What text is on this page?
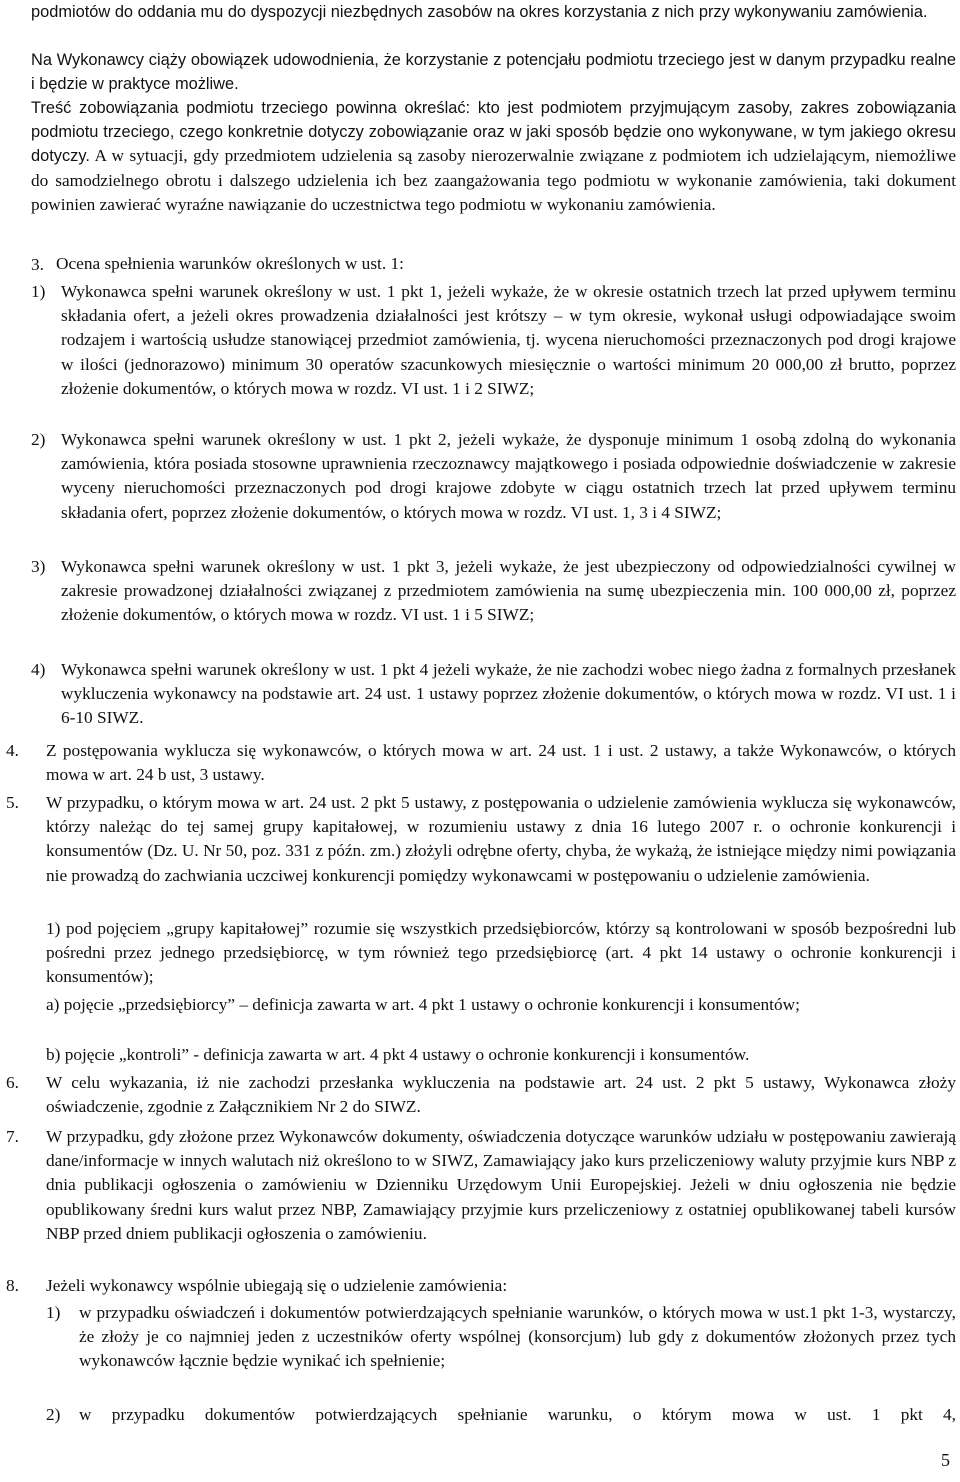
podmiotów do oddania mu do dyspozycji niezbędnych zasobów na okres korzystania z nich przy wykonywaniu zamówienia.

Na Wykonawcy ciąży obowiązek udowodnienia, że korzystanie z potencjału podmiotu trzeciego jest w danym przypadku realne i będzie w praktyce możliwe.

Treść zobowiązania podmiotu trzeciego powinna określać: kto jest podmiotem przyjmującym zasoby, zakres zobowiązania podmiotu trzeciego, czego konkretnie dotyczy zobowiązanie oraz w jaki sposób będzie ono wykonywane, w tym jakiego okresu dotyczy. A w sytuacji, gdy przedmiotem udzielenia są zasoby nierozerwalnie związane z podmiotem ich udzielającym, niemożliwe do samodzielnego obrotu i dalszego udzielenia ich bez zaangażowania tego podmiotu w wykonanie zamówienia, taki dokument powinien zawierać wyraźne nawiązanie do uczestnictwa tego podmiotu w wykonaniu zamówienia.

3. Ocena spełnienia warunków określonych w ust. 1:

1) Wykonawca spełni warunek określony w ust. 1 pkt 1, jeżeli wykaże, że w okresie ostatnich trzech lat przed upływem terminu składania ofert, a jeżeli okres prowadzenia działalności jest krótszy – w tym okresie, wykonał usługi odpowiadające swoim rodzajem i wartością usłudze stanowiącej przedmiot zamówienia, tj. wycena nieruchomości przeznaczonych pod drogi krajowe w ilości (jednorazowo) minimum 30 operatów szacunkowych miesięcznie o wartości minimum 20 000,00 zł brutto, poprzez złożenie dokumentów, o których mowa w rozdz. VI ust. 1 i 2 SIWZ;

2) Wykonawca spełni warunek określony w ust. 1 pkt 2, jeżeli wykaże, że dysponuje minimum 1 osobą zdolną do wykonania zamówienia, która posiada stosowne uprawnienia rzeczoznawcy majątkowego i posiada odpowiednie doświadczenie w zakresie wyceny nieruchomości przeznaczonych pod drogi krajowe zdobyte w ciągu ostatnich trzech lat przed upływem terminu składania ofert, poprzez złożenie dokumentów, o których mowa w rozdz. VI ust. 1, 3 i 4 SIWZ;

3) Wykonawca spełni warunek określony w ust. 1 pkt 3, jeżeli wykaże, że jest ubezpieczony od odpowiedzialności cywilnej w zakresie prowadzonej działalności związanej z przedmiotem zamówienia na sumę ubezpieczenia min. 100 000,00 zł, poprzez złożenie dokumentów, o których mowa w rozdz. VI ust. 1 i 5 SIWZ;

4) Wykonawca spełni warunek określony w ust. 1 pkt 4 jeżeli wykaże, że nie zachodzi wobec niego żadna z formalnych przesłanek wykluczenia wykonawcy na podstawie art. 24 ust. 1 ustawy poprzez złożenie dokumentów, o których mowa w rozdz. VI ust. 1 i 6-10 SIWZ.

4. Z postępowania wyklucza się wykonawców, o których mowa w art. 24 ust. 1 i ust. 2 ustawy, a także Wykonawców, o których mowa w art. 24 b ust, 3 ustawy.

5. W przypadku, o którym mowa w art. 24 ust. 2 pkt 5 ustawy, z postępowania o udzielenie zamówienia wyklucza się wykonawców, którzy należąc do tej samej grupy kapitałowej, w rozumieniu ustawy z dnia 16 lutego 2007 r. o ochronie konkurencji i konsumentów (Dz. U. Nr 50, poz. 331 z późn. zm.) złożyli odrębne oferty, chyba, że wykażą, że istniejące między nimi powiązania nie prowadzą do zachwiania uczciwej konkurencji pomiędzy wykonawcami w postępowaniu o udzielenie zamówienia.

1) pod pojęciem „grupy kapitałowej” rozumie się wszystkich przedsiębiorców, którzy są kontrolowani w sposób bezpośredni lub pośredni przez jednego przedsiębiorcę, w tym również tego przedsiębiorcę (art. 4 pkt 14 ustawy o ochronie konkurencji i konsumentów);

a) pojęcie „przedsiębiorcy” – definicja zawarta w art. 4 pkt 1 ustawy o ochronie konkurencji i konsumentów;

b) pojęcie „kontroli” - definicja zawarta w art. 4 pkt 4 ustawy o ochronie konkurencji i konsumentów.

6. W celu wykazania, iż nie zachodzi przesłanka wykluczenia na podstawie art. 24 ust. 2 pkt 5 ustawy, Wykonawca złoży oświadczenie, zgodnie z Załącznikiem Nr 2 do SIWZ.

7. W przypadku, gdy złożone przez Wykonawców dokumenty, oświadczenia dotyczące warunków udziału w postępowaniu zawierają dane/informacje w innych walutach niż określono to w SIWZ, Zamawiający jako kurs przeliczeniowy waluty przyjmie kurs NBP z dnia publikacji ogłoszenia o zamówieniu w Dzienniku Urzędowym Unii Europejskiej. Jeżeli w dniu ogłoszenia nie będzie opublikowany średni kurs walut przez NBP, Zamawiający przyjmie kurs przeliczeniowy z ostatniej opublikowanej tabeli kursów NBP przed dniem publikacji ogłoszenia o zamówieniu.

8. Jeżeli wykonawcy wspólnie ubiegają się o udzielenie zamówienia:

1) w przypadku oświadczeń i dokumentów potwierdzających spełnianie warunków, o których mowa w ust.1 pkt 1-3, wystarczy, że złoży je co najmniej jeden z uczestników oferty wspólnej (konsorcjum) lub gdy z dokumentów złożonych przez tych wykonawców łącznie będzie wynikać ich spełnienie;

2) w przypadku dokumentów potwierdzających spełnianie warunku, o którym mowa w ust. 1 pkt 4,

5
